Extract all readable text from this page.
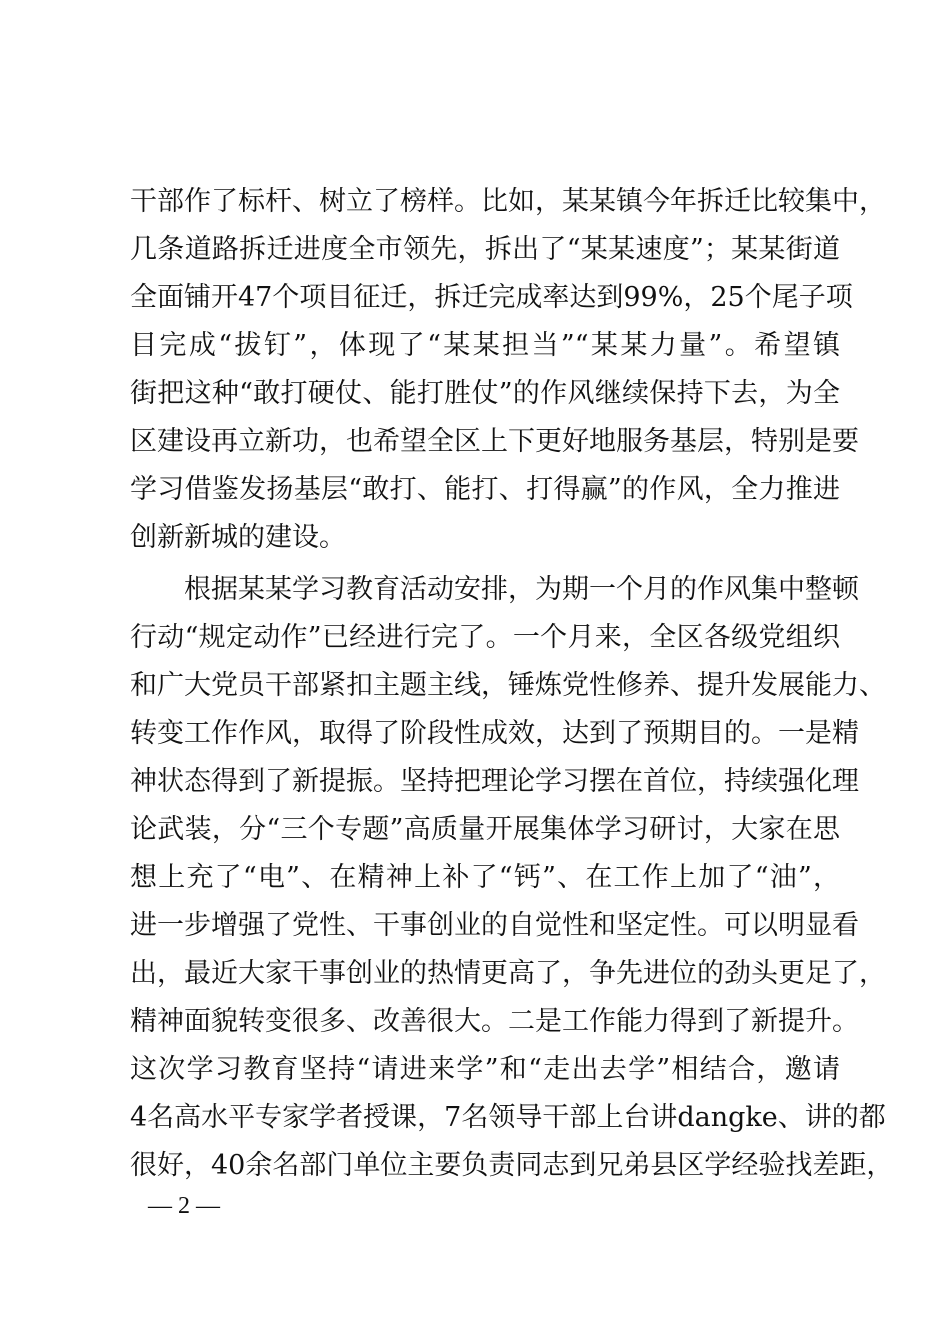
干部作了标杆、树立了榜样。比如，某某镇今年拆迁比较集中，
几条道路拆迁进度全市领先，拆出了“某某速度”；某某街道
全面铺开47个项目征迁，拆迁完成率达到99%，25个尾子项
目完成“拔钉”，体现了“某某担当”“某某力量”。希望镇
街把这种“敢打硬仗、能打胜仗”的作风继续保持下去，为全
区建设再立新功，也希望全区上下更好地服务基层，特别是要
学习借鉴发扬基层“敢打、能打、打得赢”的作风，全力推进
创新新城的建设。
　　根据某某学习教育活动安排，为期一个月的作风集中整顿
行动“规定动作”已经进行完了。一个月来，全区各级党组织
和广大党员干部紧扣主题主线，锤炼党性修养、提升发展能力、
转变工作作风，取得了阶段性成效，达到了预期目的。一是精
神状态得到了新提振。坚持把理论学习摆在首位，持续强化理
论武装，分“三个专题”高质量开展集体学习研讨，大家在思
想上充了“电”、在精神上补了“钙”、在工作上加了“油”，
进一步增强了党性、干事创业的自觉性和坚定性。可以明显看
出，最近大家干事创业的热情更高了，争先进位的劲头更足了，
精神面貌转变很多、改善很大。二是工作能力得到了新提升。
这次学习教育坚持“请进来学”和“走出去学”相结合，邀请
4名高水平专家学者授课，7名领导干部上台讲dangke、讲的都
很好，40余名部门单位主要负责同志到兄弟县区学经验找差距，
— 2 —
